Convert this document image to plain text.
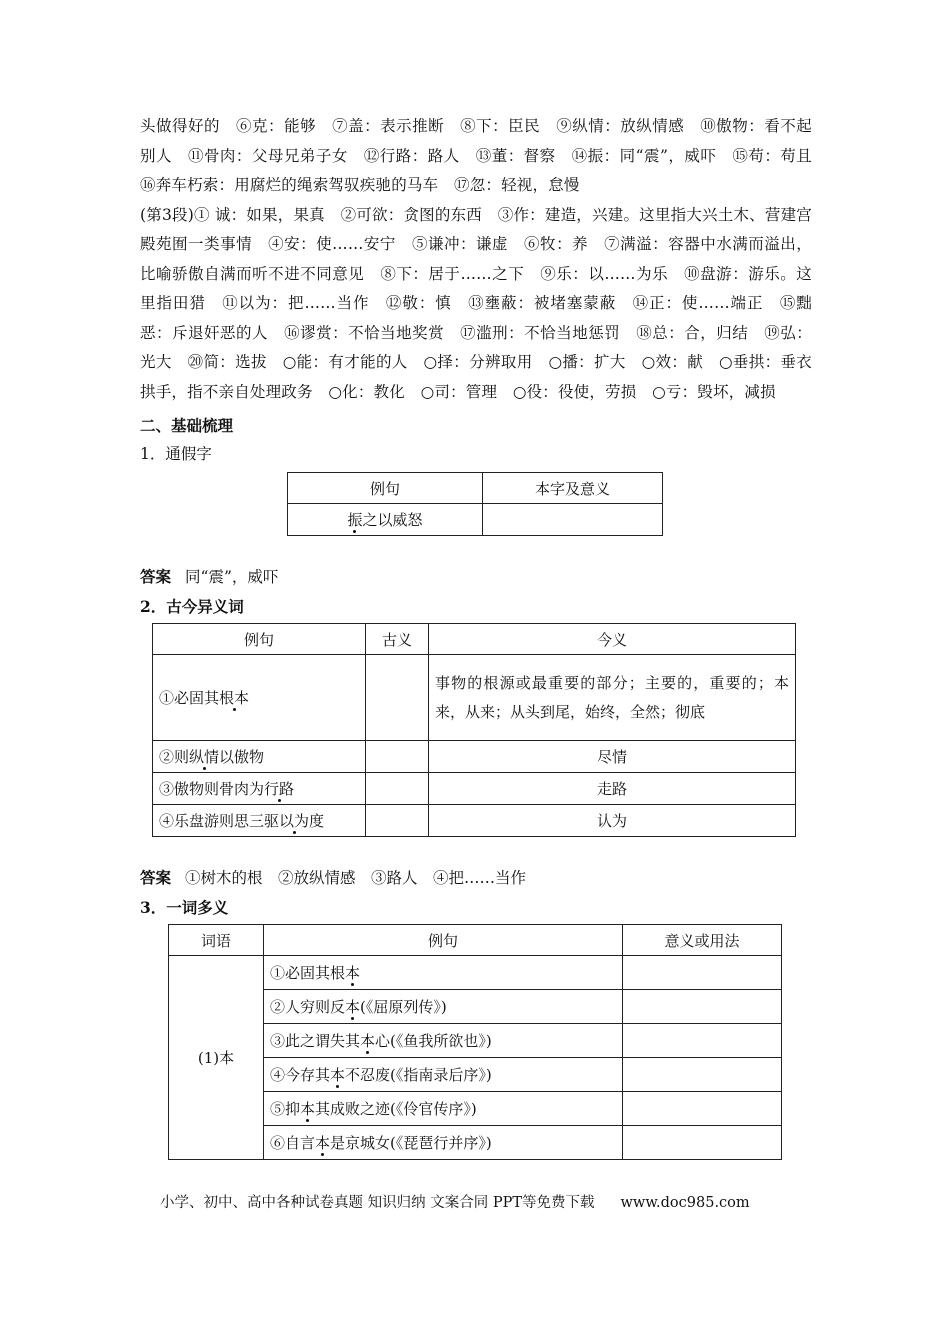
头做得好的　⑥克：能够　⑦盖：表示推断　⑧下：臣民　⑨纵情：放纵情感　⑩傲物：看不起别人　⑪骨肉：父母兄弟子女　⑫行路：路人　⑬董：督察　⑭振：同“震”，威吓　⑮苟：苟且　⑯奔车朽索：用腐烂的绳索驾驭疾驰的马车　⑰忽：轻视，怠慢

(第3段)① 诚：如果，果真　②可欲：贪图的东西　③作：建造，兴建。这里指大兴土木、营建宫殿苑囿一类事情　④安：使……安宁　⑤谦冲：谦虚　⑥牧：养　⑦满溢：容器中水满而溢出，比喻骄傲自满而听不进不同意见　⑧下：居于……之下　⑨乐：以……为乐　⑩盘游：游乐。这里指田猎　⑪以为：把……当作　⑫敬：慎　⑬壅蔽：被堵塞蒙蔽　⑭正：使……端正　⑮黜恶：斥退奸恶的人　⑯谬赏：不恰当地奖赏　⑰滥刑：不恰当地惩罚　⑱总：合，归结　⑲弘：光大　⑳简：选拔　○能：有才能的人　○择：分辨取用　○播：扩大　○效：献　○垂拱：垂衣拱手，指不亲自处理政务　○化：教化　○司：管理　○役：役使，劳损　○亏：毁坏，减损

二、基础梳理

1．通假字

例句	本字及意义
振之以威怒	

答案 同“震”，威吓

2．古今异义词

例句	古义	今义
①必固其根本		事物的根源或最重要的部分；主要的，重要的；本来，从来；从头到尾，始终，全然；彻底
②则纵情以傲物		尽情
③傲物则骨肉为行路		走路
④乐盘游则思三驱以为度		认为

答案 ①树木的根　②放纵情感　③路人　④把……当作

3．一词多义

词语	例句	意义或用法
(1)本	①必固其根本	
	②人穷则反本(《屈原列传》)	
	③此之谓失其本心(《鱼我所欲也》)	
	④今存其本不忍废(《指南录后序》)	
	⑤抑本其成败之迹(《伶官传序》)	
	⑥自言本是京城女(《琵琶行并序》)	
小学、初中、高中各种试卷真题 知识归纳 文案合同 PPT等免费下载 www.doc985.com
